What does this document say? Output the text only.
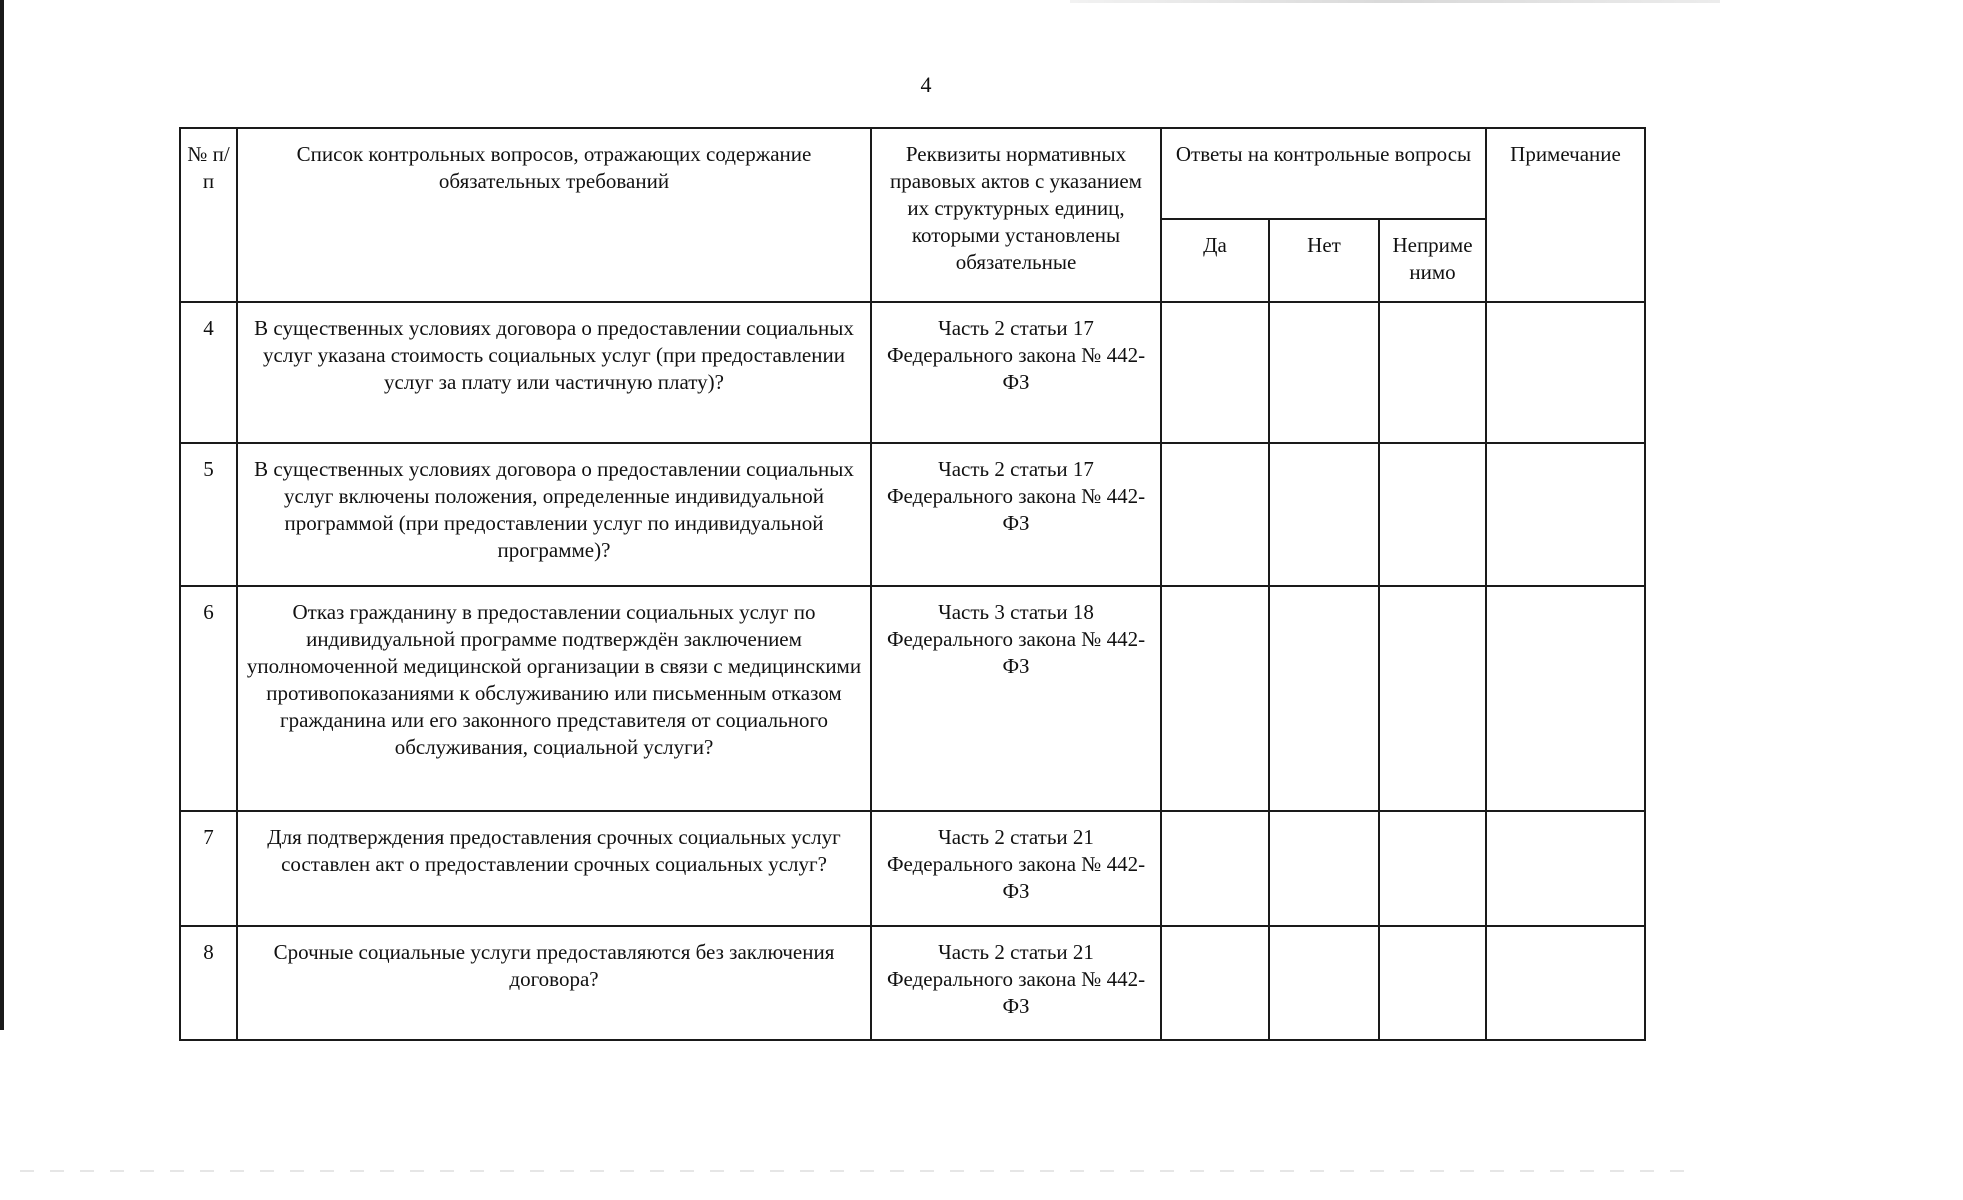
4
№ п/п	Список контрольных вопросов, отражающих содержание обязательных требований	Реквизиты нормативных правовых актов с указанием их структурных единиц, которыми установлены обязательные	Ответы на контрольные вопросы			Примечание
			Да	Нет	Неприме нимо	
4	В существенных условиях договора о предоставлении социальных услуг указана стоимость социальных услуг (при предоставлении услуг за плату или частичную плату)?	Часть 2 статьи 17 Федерального закона № 442-ФЗ				
5	В существенных условиях договора о предоставлении социальных услуг включены положения, определенные индивидуальной программой (при предоставлении услуг по индивидуальной программе)?	Часть 2 статьи 17 Федерального закона № 442-ФЗ				
6	Отказ гражданину в предоставлении социальных услуг по индивидуальной программе подтверждён заключением уполномоченной медицинской организации в связи с медицинскими противопоказаниями к обслуживанию или письменным отказом гражданина или его законного представителя от социального обслуживания, социальной услуги?	Часть 3 статьи 18 Федерального закона № 442-ФЗ				
7	Для подтверждения предоставления срочных социальных услуг составлен акт о предоставлении срочных социальных услуг?	Часть 2 статьи 21 Федерального закона № 442-ФЗ				
8	Срочные социальные услуги предоставляются без заключения договора?	Часть 2 статьи 21 Федерального закона № 442-ФЗ				
